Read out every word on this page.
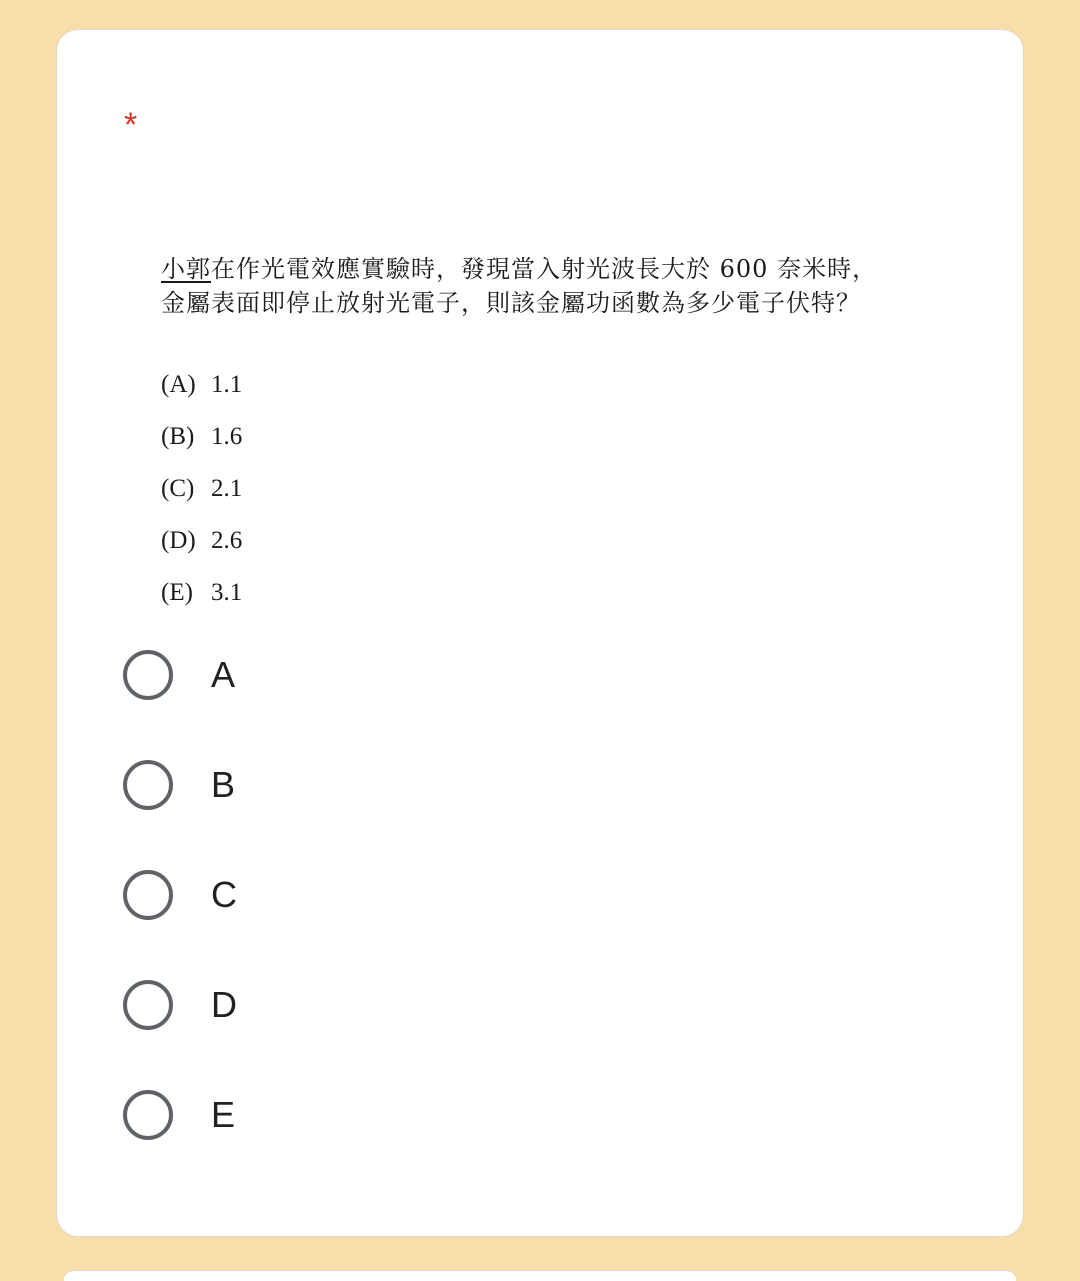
*
小郭在作光電效應實驗時，發現當入射光波長大於 600 奈米時，
金屬表面即停止放射光電子，則該金屬功函數為多少電子伏特？
(A) 1.1
(B) 1.6
(C) 2.1
(D) 2.6
(E) 3.1
A
B
C
D
E
